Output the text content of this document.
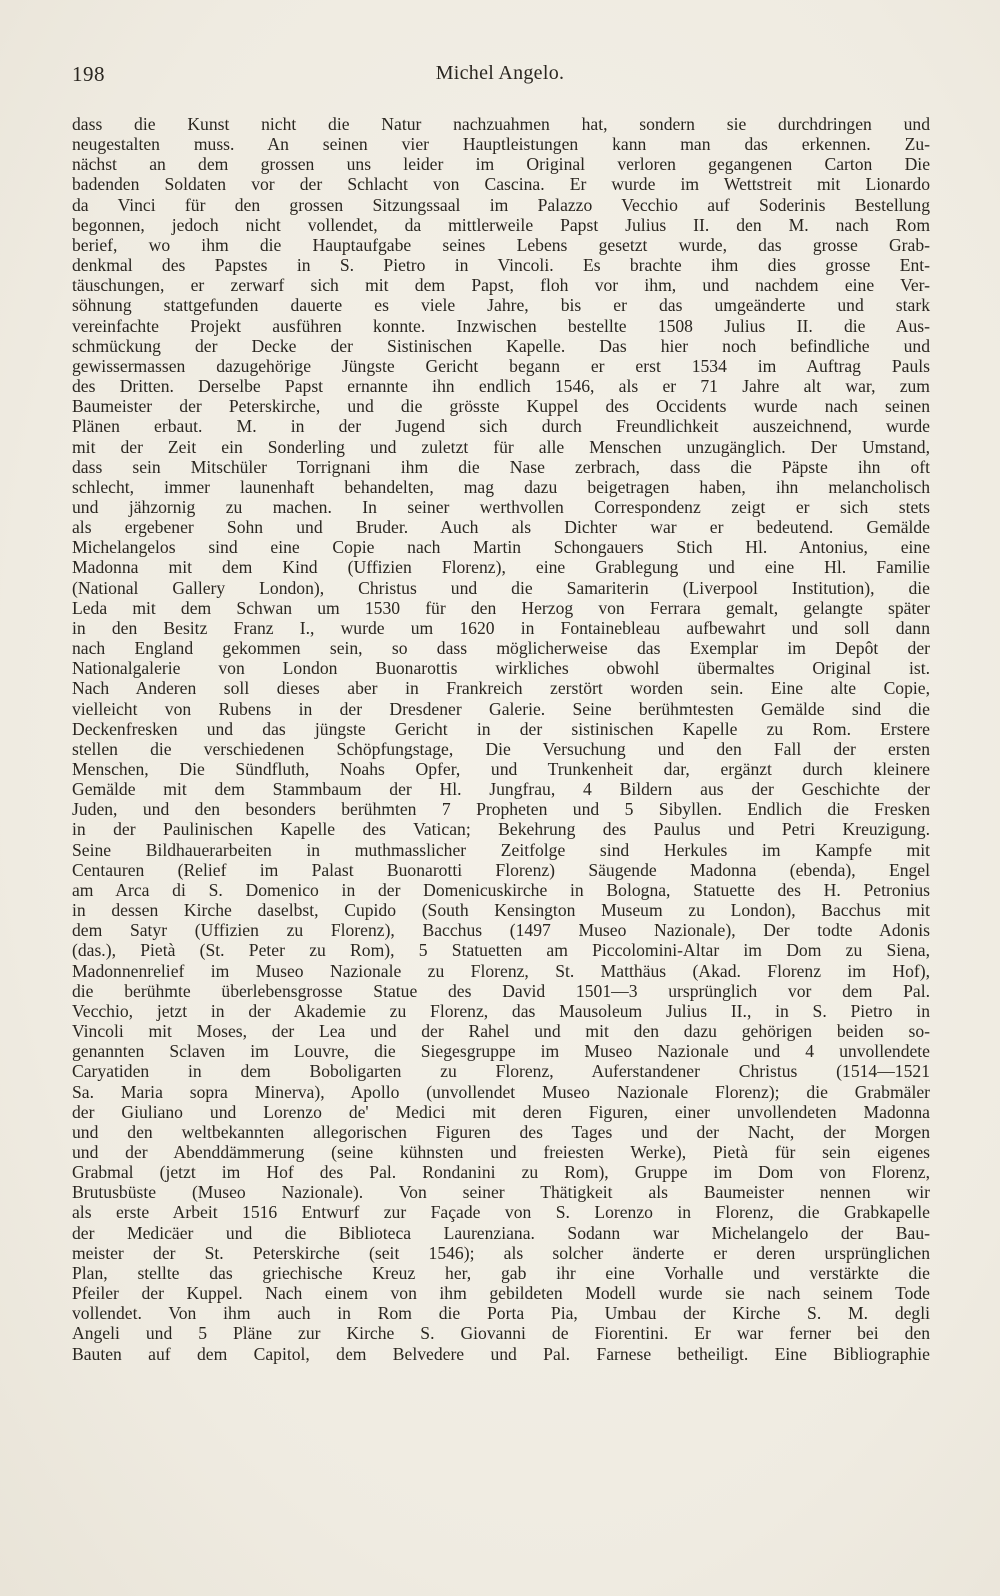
198	Michel Angelo.
dass die Kunst nicht die Natur nachzuahmen hat, sondern sie durchdringen und
neugestalten muss. An seinen vier Hauptleistungen kann man das erkennen. Zu-
nächst an dem grossen uns leider im Original verloren gegangenen Carton Die
badenden Soldaten vor der Schlacht von Cascina. Er wurde im Wettstreit mit Lionardo
da Vinci für den grossen Sitzungssaal im Palazzo Vecchio auf Soderinis Bestellung
begonnen, jedoch nicht vollendet, da mittlerweile Papst Julius II. den M. nach Rom
berief, wo ihm die Hauptaufgabe seines Lebens gesetzt wurde, das grosse Grab-
denkmal des Papstes in S. Pietro in Vincoli. Es brachte ihm dies grosse Ent-
täuschungen, er zerwarf sich mit dem Papst, floh vor ihm, und nachdem eine Ver-
söhnung stattgefunden dauerte es viele Jahre, bis er das umgeänderte und stark
vereinfachte Projekt ausführen konnte. Inzwischen bestellte 1508 Julius II. die Aus-
schmückung der Decke der Sistinischen Kapelle. Das hier noch befindliche und
gewissermassen dazugehörige Jüngste Gericht begann er erst 1534 im Auftrag Pauls
des Dritten. Derselbe Papst ernannte ihn endlich 1546, als er 71 Jahre alt war, zum
Baumeister der Peterskirche, und die grösste Kuppel des Occidents wurde nach seinen
Plänen erbaut. M. in der Jugend sich durch Freundlichkeit auszeichnend, wurde
mit der Zeit ein Sonderling und zuletzt für alle Menschen unzugänglich. Der Umstand,
dass sein Mitschüler Torrignani ihm die Nase zerbrach, dass die Päpste ihn oft
schlecht, immer launenhaft behandelten, mag dazu beigetragen haben, ihn melancholisch
und jähzornig zu machen. In seiner werthvollen Correspondenz zeigt er sich stets
als ergebener Sohn und Bruder. Auch als Dichter war er bedeutend. Gemälde
Michelangelos sind eine Copie nach Martin Schongauers Stich Hl. Antonius, eine
Madonna mit dem Kind (Uffizien Florenz), eine Grablegung und eine Hl. Familie
(National Gallery London), Christus und die Samariterin (Liverpool Institution), die
Leda mit dem Schwan um 1530 für den Herzog von Ferrara gemalt, gelangte später
in den Besitz Franz I., wurde um 1620 in Fontainebleau aufbewahrt und soll dann
nach England gekommen sein, so dass möglicherweise das Exemplar im Depôt der
Nationalgalerie von London Buonarottis wirkliches obwohl übermaltes Original ist.
Nach Anderen soll dieses aber in Frankreich zerstört worden sein. Eine alte Copie,
vielleicht von Rubens in der Dresdener Galerie. Seine berühmtesten Gemälde sind die
Deckenfresken und das jüngste Gericht in der sistinischen Kapelle zu Rom. Erstere
stellen die verschiedenen Schöpfungstage, Die Versuchung und den Fall der ersten
Menschen, Die Sündfluth, Noahs Opfer, und Trunkenheit dar, ergänzt durch kleinere
Gemälde mit dem Stammbaum der Hl. Jungfrau, 4 Bildern aus der Geschichte der
Juden, und den besonders berühmten 7 Propheten und 5 Sibyllen. Endlich die Fresken
in der Paulinischen Kapelle des Vatican; Bekehrung des Paulus und Petri Kreuzigung.
Seine Bildhauerarbeiten in muthmasslicher Zeitfolge sind Herkules im Kampfe mit
Centauren (Relief im Palast Buonarotti Florenz) Säugende Madonna (ebenda), Engel
am Arca di S. Domenico in der Domenicuskirche in Bologna, Statuette des H. Petronius
in dessen Kirche daselbst, Cupido (South Kensington Museum zu London), Bacchus mit
dem Satyr (Uffizien zu Florenz), Bacchus (1497 Museo Nazionale), Der todte Adonis
(das.), Pietà (St. Peter zu Rom), 5 Statuetten am Piccolomini-Altar im Dom zu Siena,
Madonnenrelief im Museo Nazionale zu Florenz, St. Matthäus (Akad. Florenz im Hof),
die berühmte überlebensgrosse Statue des David 1501—3 ursprünglich vor dem Pal.
Vecchio, jetzt in der Akademie zu Florenz, das Mausoleum Julius II., in S. Pietro in
Vincoli mit Moses, der Lea und der Rahel und mit den dazu gehörigen beiden so-
genannten Sclaven im Louvre, die Siegesgruppe im Museo Nazionale und 4 unvollendete
Caryatiden in dem Boboligarten zu Florenz, Auferstandener Christus (1514—1521
Sa. Maria sopra Minerva), Apollo (unvollendet Museo Nazionale Florenz); die Grabmäler
der Giuliano und Lorenzo de' Medici mit deren Figuren, einer unvollendeten Madonna
und den weltbekannten allegorischen Figuren des Tages und der Nacht, der Morgen
und der Abenddämmerung (seine kühnsten und freiesten Werke), Pietà für sein eigenes
Grabmal (jetzt im Hof des Pal. Rondanini zu Rom), Gruppe im Dom von Florenz,
Brutusbüste (Museo Nazionale). Von seiner Thätigkeit als Baumeister nennen wir
als erste Arbeit 1516 Entwurf zur Façade von S. Lorenzo in Florenz, die Grabkapelle
der Medicäer und die Biblioteca Laurenziana. Sodann war Michelangelo der Bau-
meister der St. Peterskirche (seit 1546); als solcher änderte er deren ursprünglichen
Plan, stellte das griechische Kreuz her, gab ihr eine Vorhalle und verstärkte die
Pfeiler der Kuppel. Nach einem von ihm gebildeten Modell wurde sie nach seinem Tode
vollendet. Von ihm auch in Rom die Porta Pia, Umbau der Kirche S. M. degli
Angeli und 5 Pläne zur Kirche S. Giovanni de Fiorentini. Er war ferner bei den
Bauten auf dem Capitol, dem Belvedere und Pal. Farnese betheiligt. Eine Bibliographie
